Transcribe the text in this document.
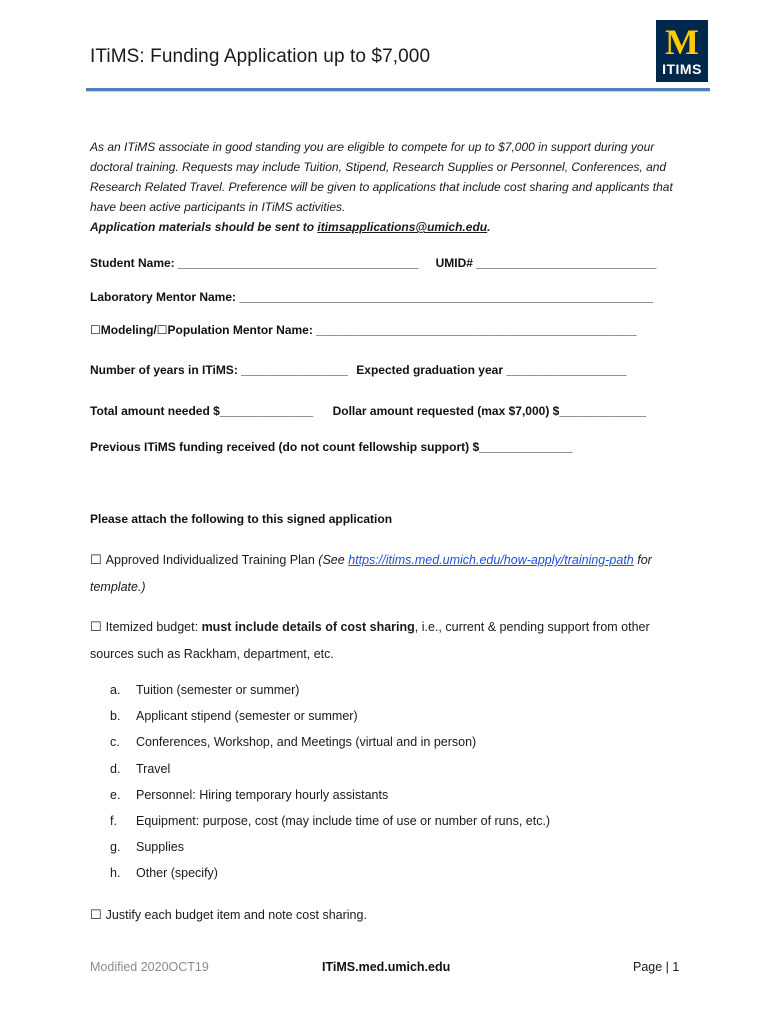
ITiMS: Funding Application up to $7,000	M
ITIMS
As an ITiMS associate in good standing you are eligible to compete for up to $7,000 in support during your doctoral training. Requests may include Tuition, Stipend, Research Supplies or Personnel, Conferences, and Research Related Travel. Preference will be given to applications that include cost sharing and applicants that have been active participants in ITiMS activities.
Application materials should be sent to itimsapplications@umich.edu.
Student Name: ____________________________________ UMID# ___________________________
Laboratory Mentor Name: ______________________________________________________________
☐Modeling/☐Population Mentor Name: ________________________________________________
Number of years in ITiMS: ________________ Expected graduation year __________________
Total amount needed $______________ Dollar amount requested (max $7,000) $_____________
Previous ITiMS funding received (do not count fellowship support) $______________
Please attach the following to this signed application
☐ Approved Individualized Training Plan (See https://itims.med.umich.edu/how-apply/training-path for template.)
☐ Itemized budget: must include details of cost sharing, i.e., current & pending support from other sources such as Rackham, department, etc.
a.	Tuition (semester or summer)
b.	Applicant stipend (semester or summer)
c.	Conferences, Workshop, and Meetings (virtual and in person)
d.	Travel
e.	Personnel: Hiring temporary hourly assistants
f.	Equipment: purpose, cost (may include time of use or number of runs, etc.)
g.	Supplies
h.	Other (specify)
☐ Justify each budget item and note cost sharing.
Modified 2020OCT19	ITiMS.med.umich.edu	Page | 1
